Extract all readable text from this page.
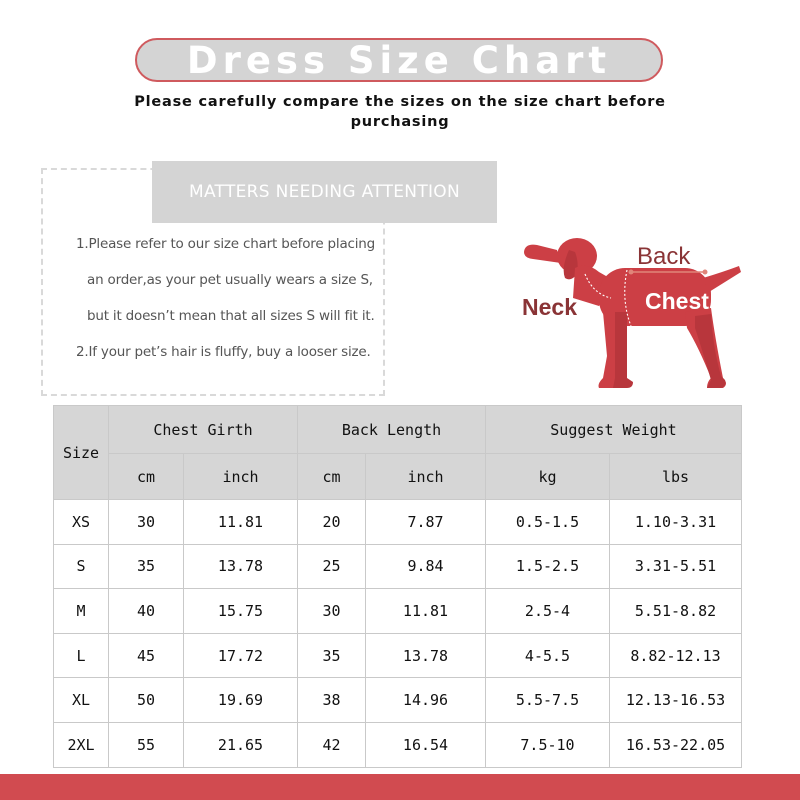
Dress Size Chart
Please carefully compare the sizes on the size chart before purchasing
MATTERS NEEDING ATTENTION
1.Please refer to our size chart before placing
an order,as your pet usually wears a size S,
but it doesn’t mean that all sizes S will fit it.
2.If your pet’s hair is fluffy, buy a looser size.
Back
Chest
Neck
Size	Chest Girth		Back Length		Suggest Weight	
	cm	inch	cm	inch	kg	lbs
XS	30	11.81	20	7.87	0.5-1.5	1.10-3.31
S	35	13.78	25	9.84	1.5-2.5	3.31-5.51
M	40	15.75	30	11.81	2.5-4	5.51-8.82
L	45	17.72	35	13.78	4-5.5	8.82-12.13
XL	50	19.69	38	14.96	5.5-7.5	12.13-16.53
2XL	55	21.65	42	16.54	7.5-10	16.53-22.05
